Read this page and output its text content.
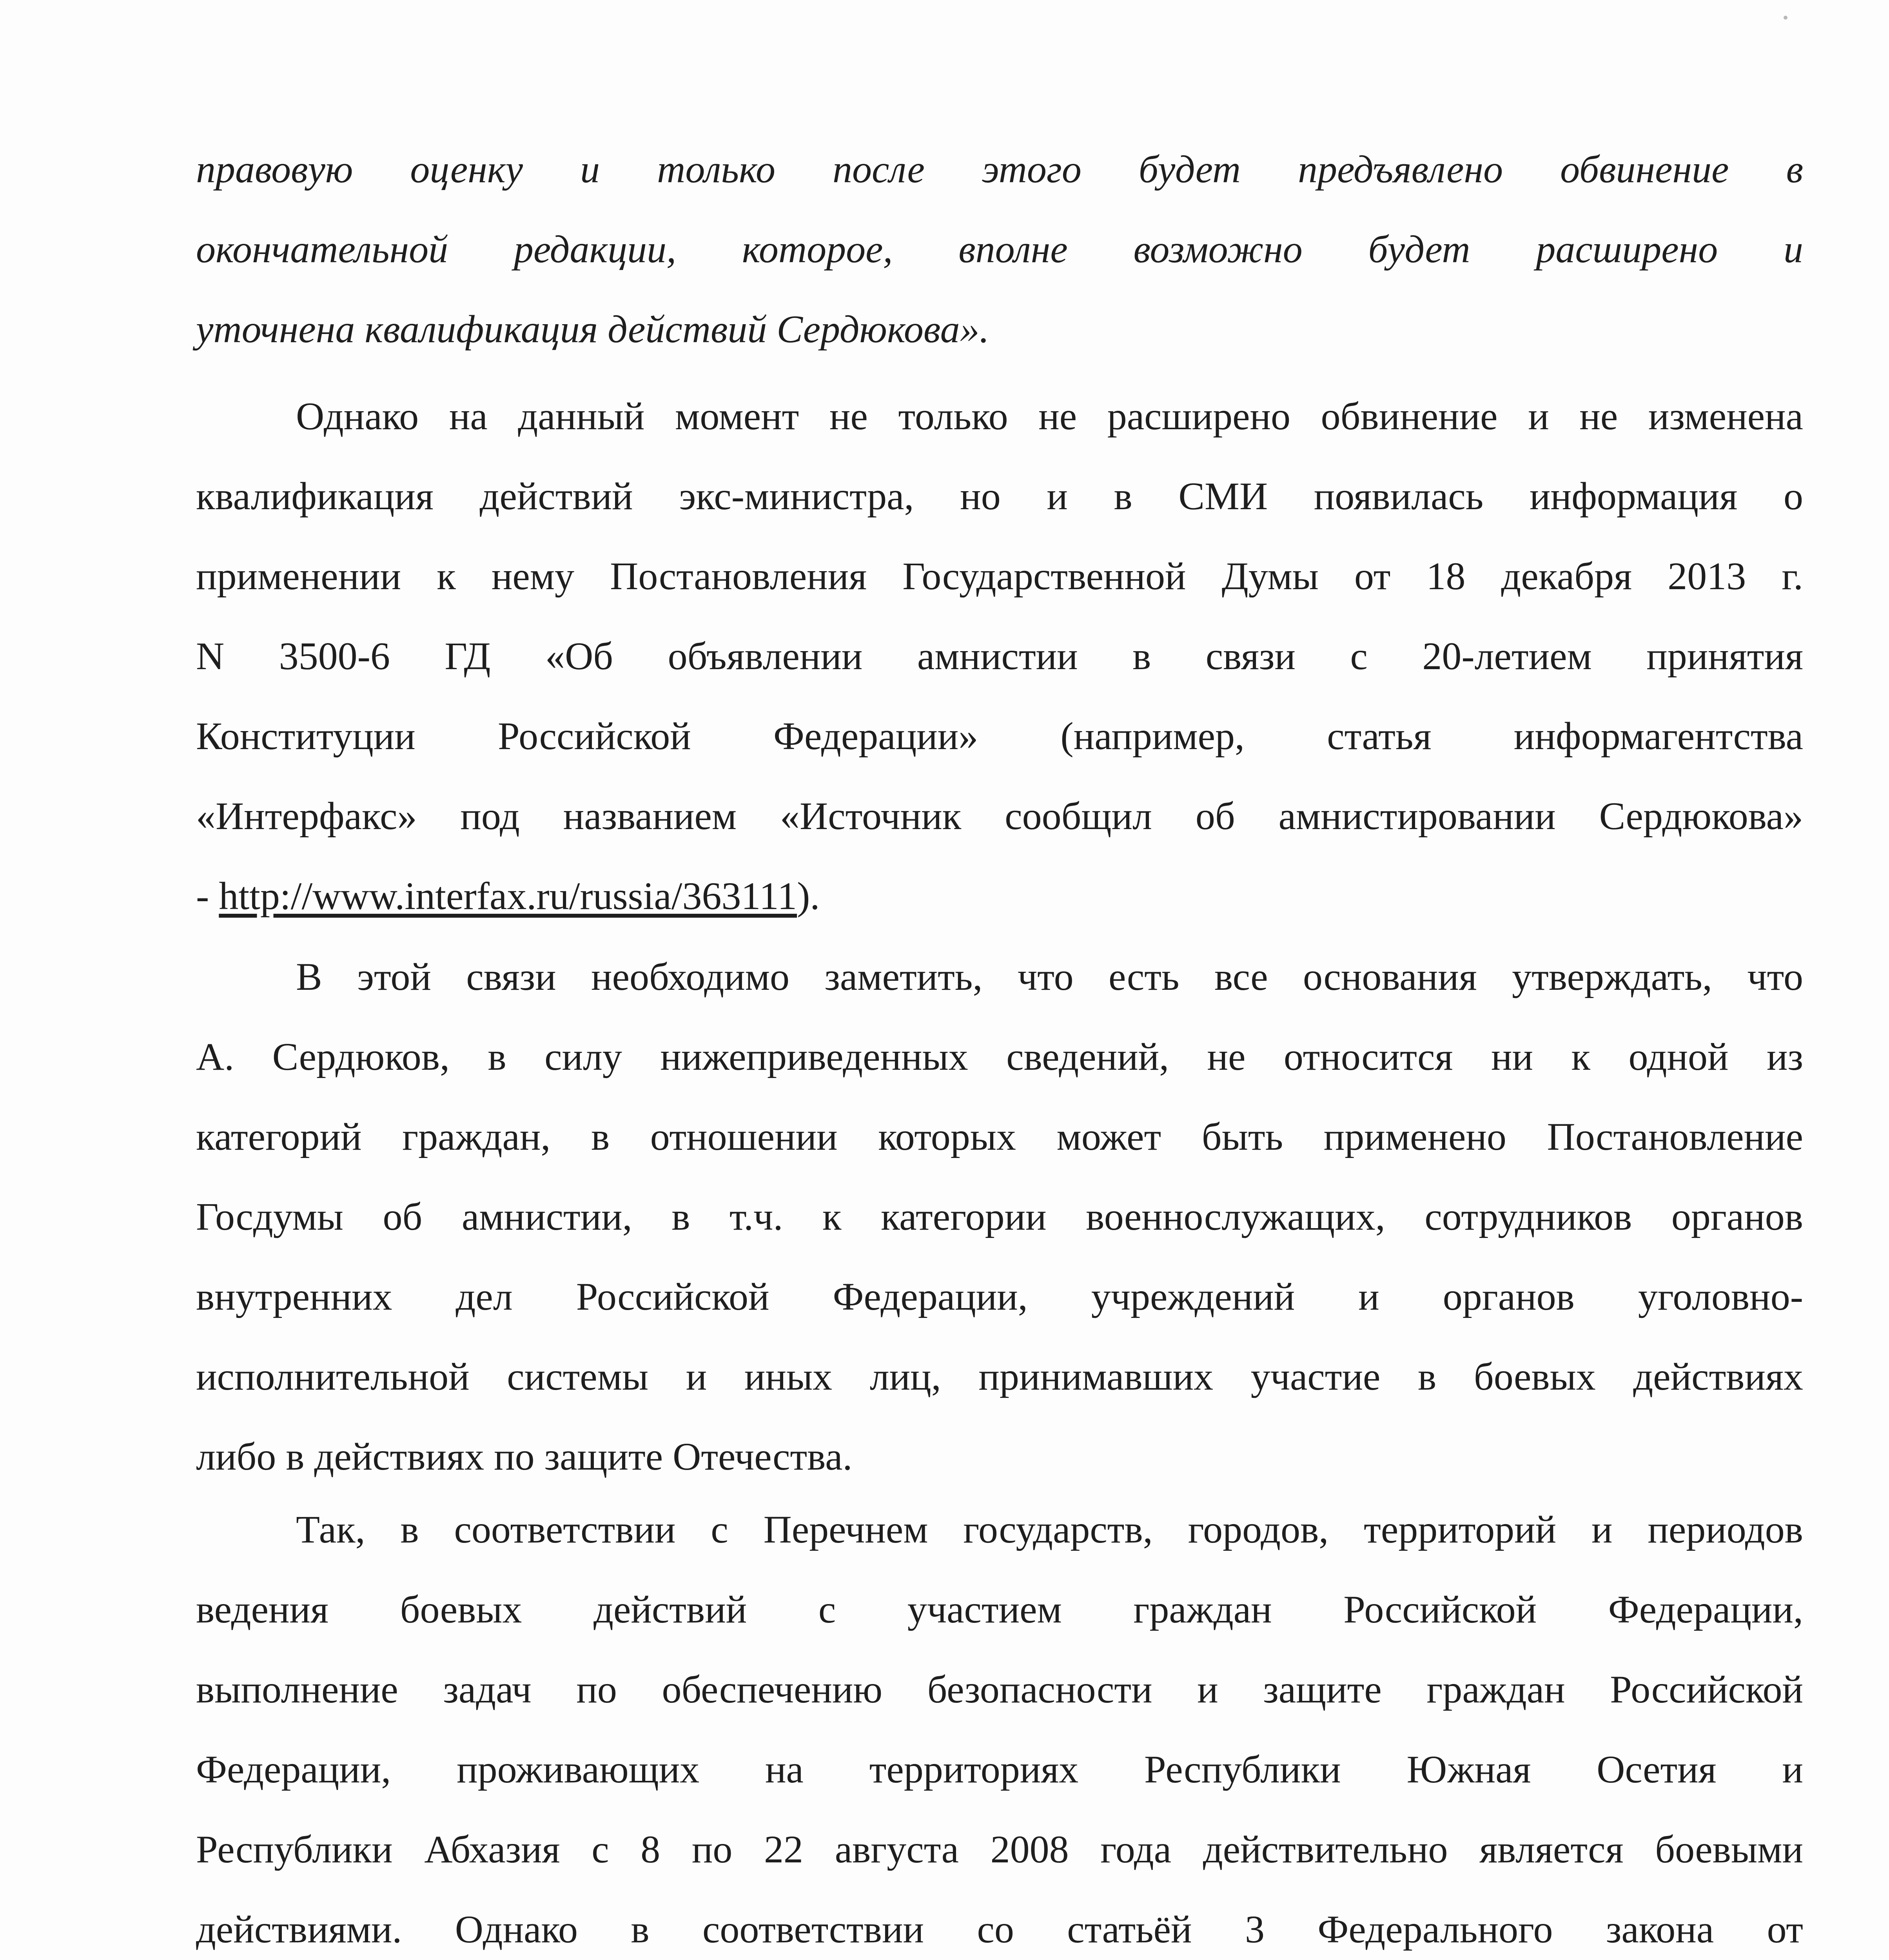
правовую оценку и только после этого будет предъявлено обвинение в
окончательной редакции, которое, вполне возможно будет расширено и
уточнена квалификация действий Сердюкова».
Однако на данный момент не только не расширено обвинение и не изменена
квалификация действий экс-министра, но и в СМИ появилась информация о
применении к нему Постановления Государственной Думы от 18 декабря 2013 г.
N 3500-6 ГД «Об объявлении амнистии в связи с 20-летием принятия
Конституции Российской Федерации» (например, статья информагентства
«Интерфакс» под названием «Источник сообщил об амнистировании Сердюкова»
- http://www.interfax.ru/russia/363111).
В этой связи необходимо заметить, что есть все основания утверждать, что
А. Сердюков, в силу нижеприведенных сведений, не относится ни к одной из
категорий граждан, в отношении которых может быть применено Постановление
Госдумы об амнистии, в т.ч. к категории военнослужащих, сотрудников органов
внутренних дел Российской Федерации, учреждений и органов уголовно-
исполнительной системы и иных лиц, принимавших участие в боевых действиях
либо в действиях по защите Отечества.
Так, в соответствии с Перечнем государств, городов, территорий и периодов
ведения боевых действий с участием граждан Российской Федерации,
выполнение задач по обеспечению безопасности и защите граждан Российской
Федерации, проживающих на территориях Республики Южная Осетия и
Республики Абхазия с 8 по 22 августа 2008 года действительно является боевыми
действиями. Однако в соответствии со статьёй 3 Федерального закона от
